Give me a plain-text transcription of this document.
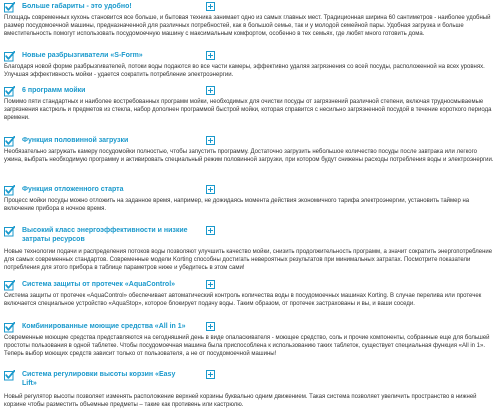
Больше габариты - это удобно!

Площадь современных кухонь становится все больше, и бытовая техника занимает одно из самых главных мест. Традиционная ширина 60 сантиметров - наиболее удобный размер посудомоечной машины, предназначенной для различных потребностей, как в большой семье, так и у молодой семейной пары. Удобная загрузка и больше вместительность помогут использовать посудомоечную машину с максимальным комфортом, особенно в тех семьях, где любят много готовить дома.

Новые разбрызгиватели «S-Form»

Благодаря новой форме разбрызгивателей, потоки воды подаются во все части камеры, эффективно удаляя загрязнения со всей посуды, расположенной на всех уровнях. Улучшая эффективность мойки - удается сократить потребление электроэнергии.

6 программ мойки

Помимо пяти стандартных и наиболее востребованных программ мойки, необходимых для очистки посуды от загрязнений различной степени, включая трудносмываемые загрязнения кастрюль и предметов из стекла, набор дополнен программой быстрой мойки, которая справится с несильно загрязненной посудой в течение короткого периода времени.

Функция половинной загрузки

Необязательно загружать камеру посудомойки полностью, чтобы запустить программу. Достаточно загрузить небольшое количество посуды после завтрака или легкого ужина, выбрать необходимую программу и активировать специальный режим половинной загрузки, при котором будут снижены расходы потребления воды и электроэнергии.

Функция отложенного старта

Процесс мойки посуды можно отложить на заданное время, например, не дожидаясь момента действия экономичного тарифа электроэнергии, установить таймер на включение прибора в ночное время.

Высокий класс энергоэффективности и низкие затраты ресурсов

Новые технологии подачи и распределения потоков воды позволяют улучшить качество мойки, снизить продолжительность программ, а значит сократить энергопотребление для самых современных стандартов. Современные модели Korting способны достигать невероятных результатов при минимальных затратах. Посмотрите показатели потребления для этого прибора в таблице параметров ниже и убедитесь в этом сами!

Система защиты от протечек «AquaControl»

Система защиты от протечек «AquaControl» обеспечивает автоматический контроль количества воды в посудомоечных машинах Korting. В случае перелива или протечек включается специальное устройство «AquaStop», которое блокирует подачу воды. Таким образом, от протечек застрахованы и вы, и ваши соседи.

Комбинированные моющие средства «All in 1»

Современные моющие средства представляются на сегодняшний день в виде опаласкивателя - моющее средство, соль и прочие компоненты, собранные еще для большей простоты пользования в одной таблетке. Чтобы посудомоечная машина была приспособлена к использованию таких таблеток, существует специальная функция «All in 1». Теперь выбор моющих средств зависит только от пользователя, а не от посудомоечной машины!

Система регулировки высоты корзин «Easy Lift»

Новый регулятор высоты позволяет изменять расположение верхней корзины буквально одним движением. Такая система позволяет увеличить пространство в нижней корзине чтобы разместить объемные предметы – такие как противень или кастрюлю.
